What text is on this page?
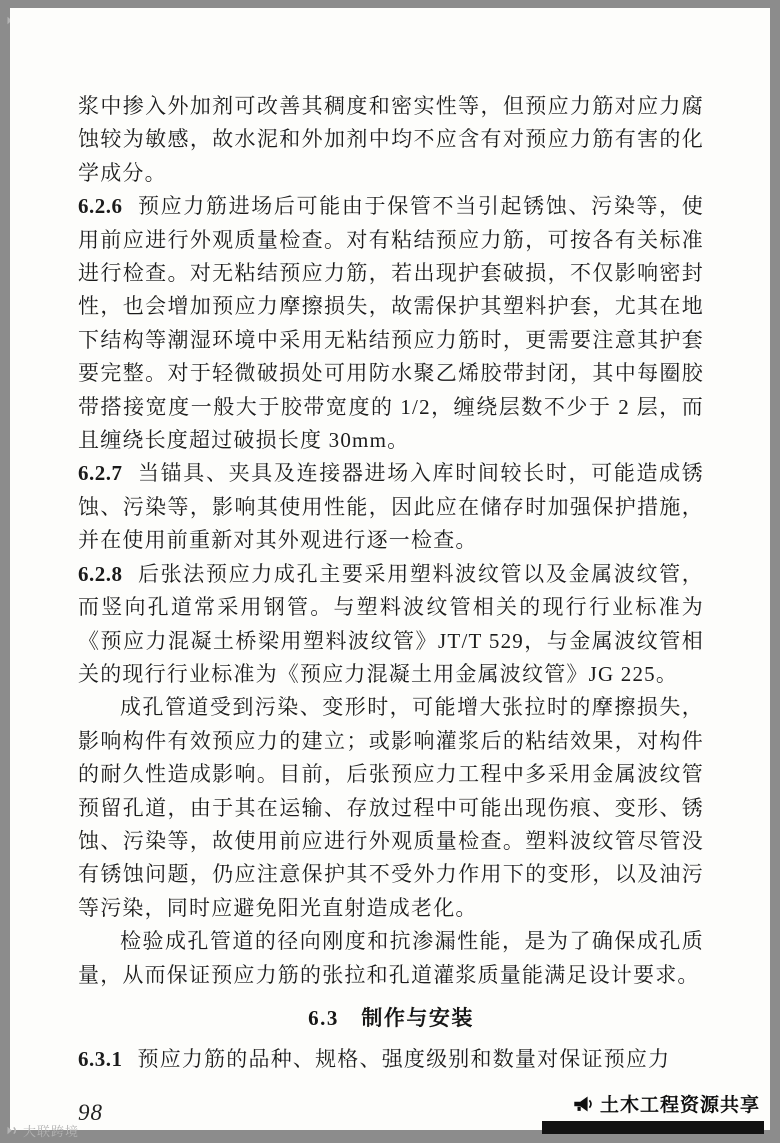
浆中掺入外加剂可改善其稠度和密实性等，但预应力筋对应力腐蚀较为敏感，故水泥和外加剂中均不应含有对预应力筋有害的化学成分。

6.2.6 预应力筋进场后可能由于保管不当引起锈蚀、污染等，使用前应进行外观质量检查。对有粘结预应力筋，可按各有关标准进行检查。对无粘结预应力筋，若出现护套破损，不仅影响密封性，也会增加预应力摩擦损失，故需保护其塑料护套，尤其在地下结构等潮湿环境中采用无粘结预应力筋时，更需要注意其护套要完整。对于轻微破损处可用防水聚乙烯胶带封闭，其中每圈胶带搭接宽度一般大于胶带宽度的 1/2，缠绕层数不少于 2 层，而且缠绕长度超过破损长度 30mm。

6.2.7 当锚具、夹具及连接器进场入库时间较长时，可能造成锈蚀、污染等，影响其使用性能，因此应在储存时加强保护措施，并在使用前重新对其外观进行逐一检查。

6.2.8 后张法预应力成孔主要采用塑料波纹管以及金属波纹管，而竖向孔道常采用钢管。与塑料波纹管相关的现行行业标准为《预应力混凝土桥梁用塑料波纹管》JT/T 529，与金属波纹管相关的现行行业标准为《预应力混凝土用金属波纹管》JG 225。

成孔管道受到污染、变形时，可能增大张拉时的摩擦损失，影响构件有效预应力的建立；或影响灌浆后的粘结效果，对构件的耐久性造成影响。目前，后张预应力工程中多采用金属波纹管预留孔道，由于其在运输、存放过程中可能出现伤痕、变形、锈蚀、污染等，故使用前应进行外观质量检查。塑料波纹管尽管没有锈蚀问题，仍应注意保护其不受外力作用下的变形，以及油污等污染，同时应避免阳光直射造成老化。

检验成孔管道的径向刚度和抗渗漏性能，是为了确保成孔质量，从而保证预应力筋的张拉和孔道灌浆质量能满足设计要求。

6.3　制作与安装

6.3.1 预应力筋的品种、规格、强度级别和数量对保证预应力

98	土木工程资源共享
大联跨境
